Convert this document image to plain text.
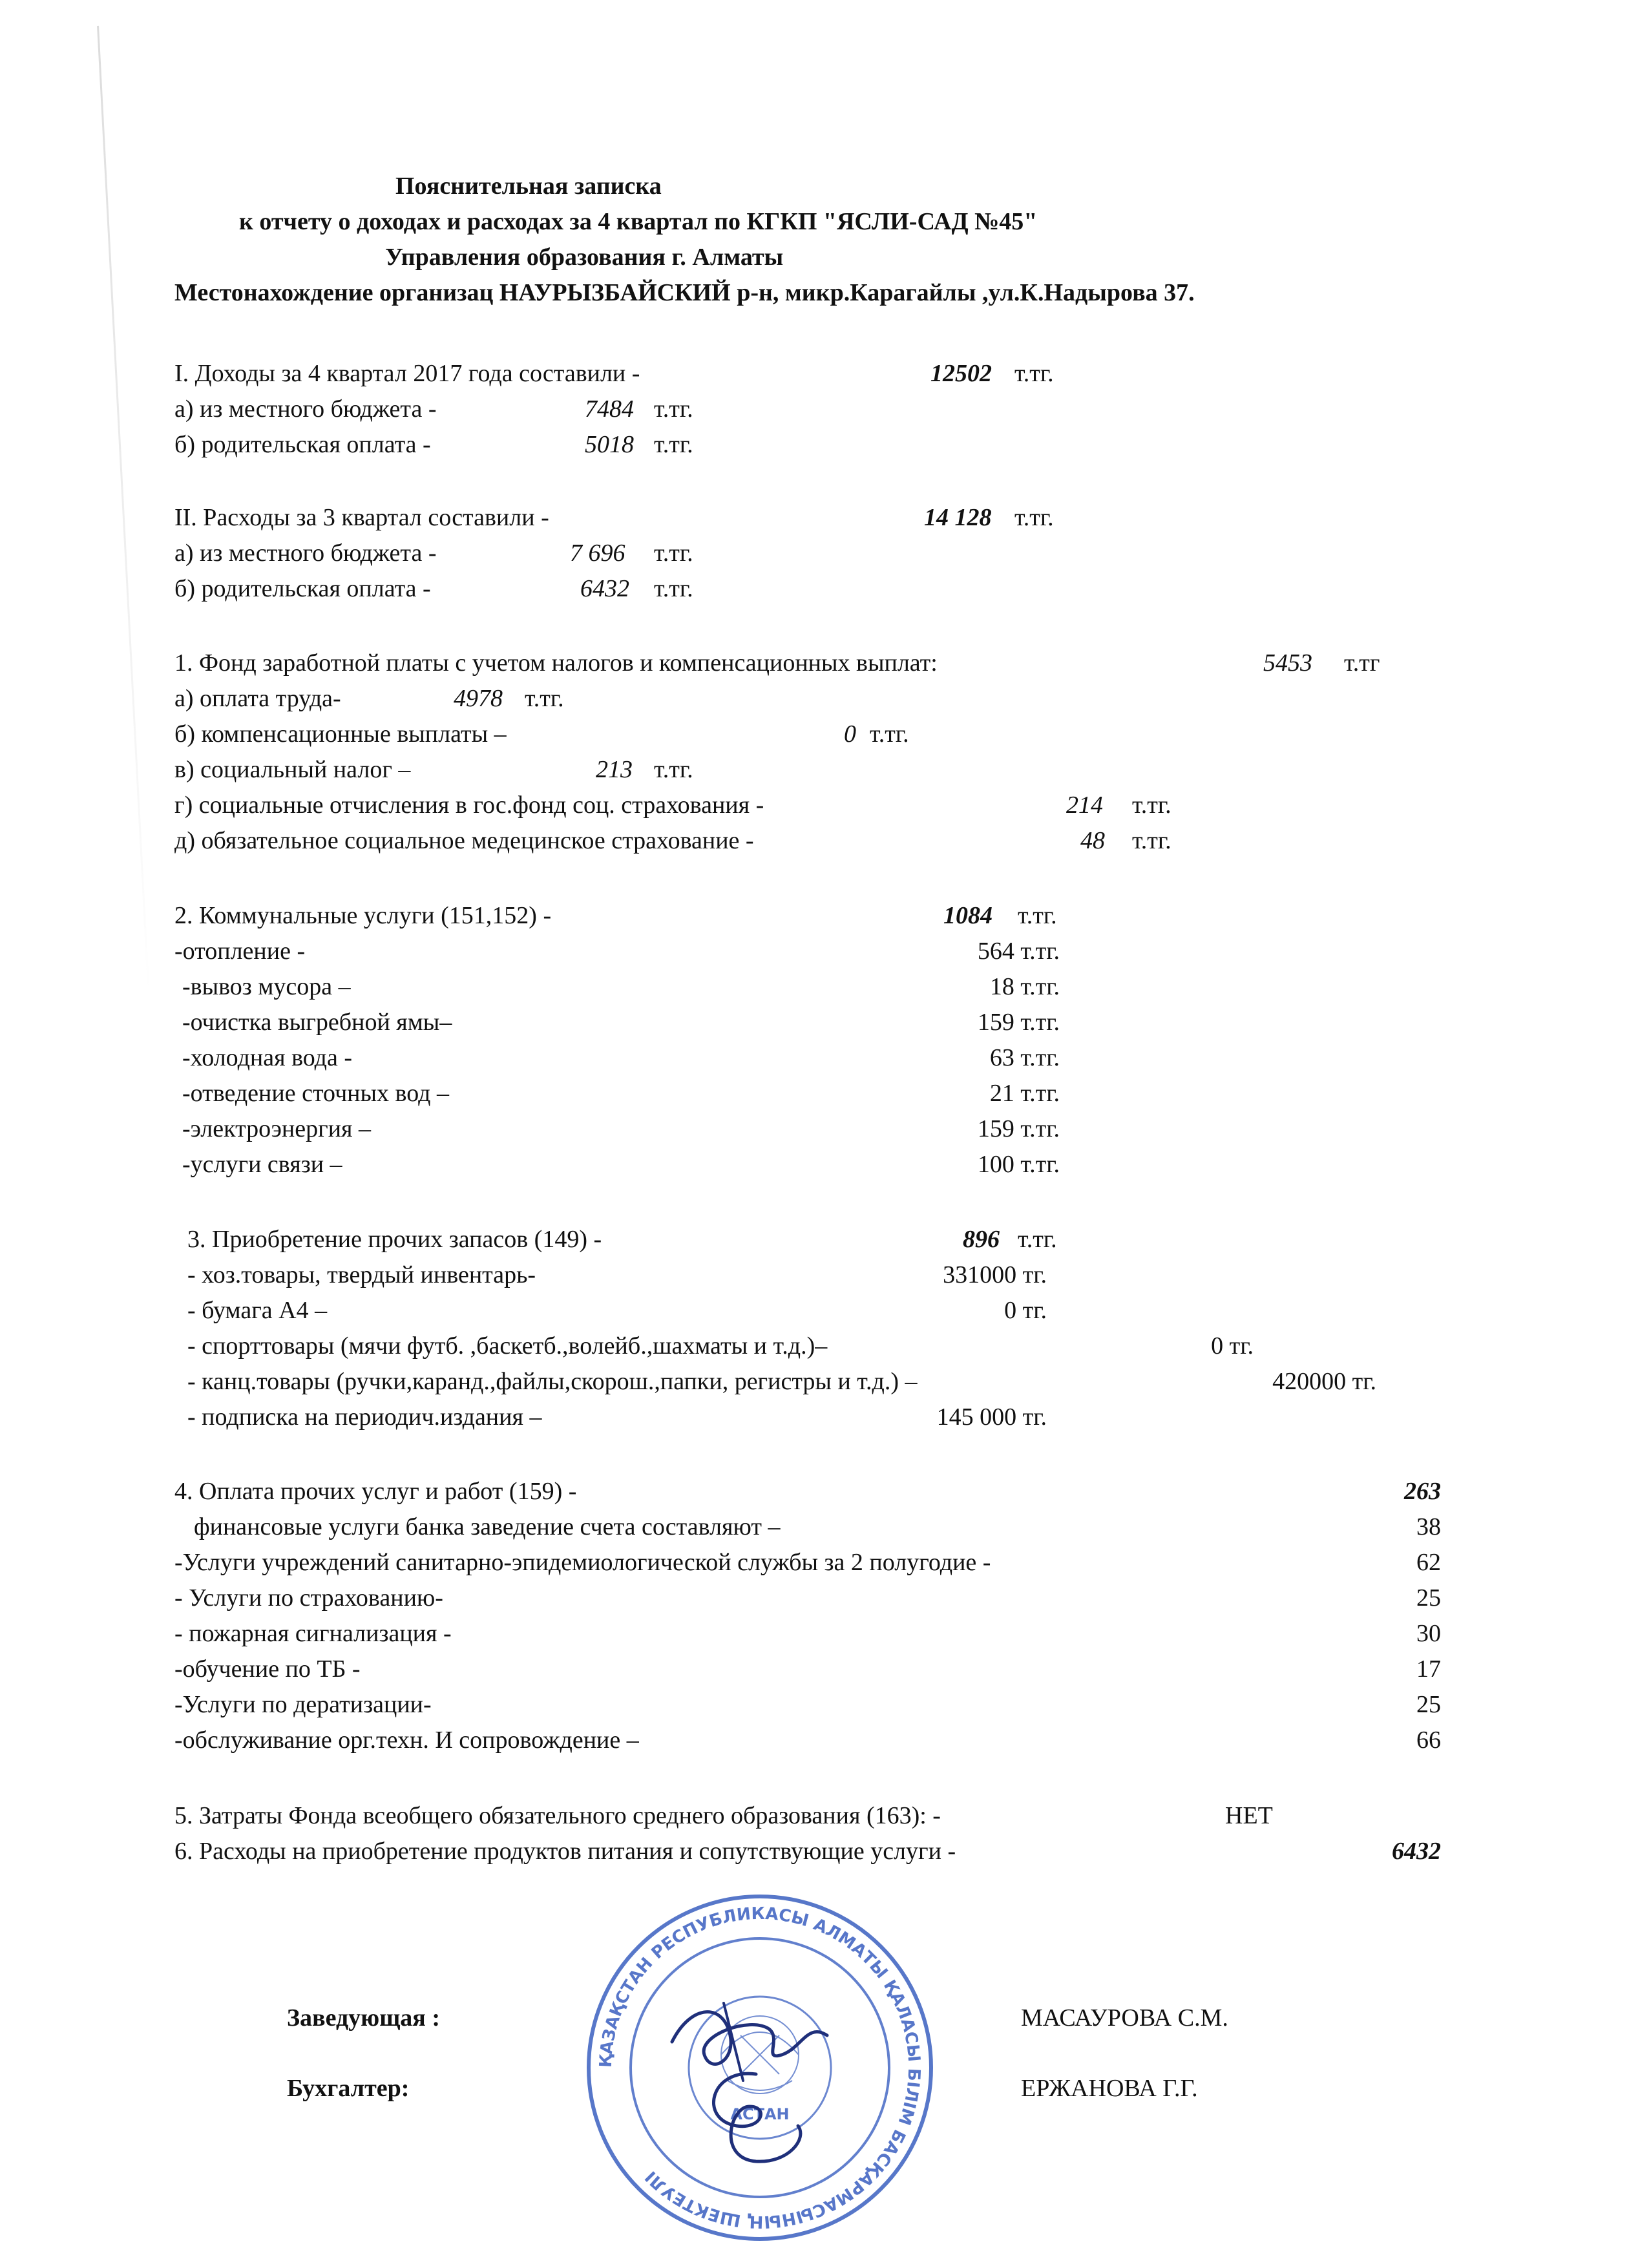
Пояснительная записка
к отчету о доходах и расходах за 4 квартал по КГКП "ЯСЛИ-САД №45"
Управления образования г. Алматы
Местонахождение организац НАУРЫЗБАЙСКИЙ р-н, микр.Карагайлы ,ул.К.Надырова 37.
I. Доходы за 4 квартал 2017 года составили -	12502 т.тг.
а) из местного бюджета -	7484 т.тг.
б) родительская оплата -	5018 т.тг.
II. Расходы за 3 квартал составили -	14 128 т.тг.
а) из местного бюджета -	7 696 т.тг.
б) родительская оплата -	6432 т.тг.
1. Фонд заработной платы с учетом налогов и компенсационных выплат:	5453 т.тг
а) оплата труда-	4978 т.тг.
б) компенсационные выплаты –	0 т.тг.
в) социальный налог –	213 т.тг.
г) социальные отчисления в гос.фонд соц. страхования -	214 т.тг.
д) обязательное социальное медецинское страхование -	48 т.тг.
2. Коммунальные услуги (151,152) -	1084 т.тг.
-отопление -	564 т.тг.
-вывоз мусора –	18 т.тг.
-очистка выгребной ямы–	159 т.тг.
-холодная вода -	63 т.тг.
-отведение сточных вод –	21 т.тг.
-электроэнергия –	159 т.тг.
-услуги связи –	100 т.тг.
3. Приобретение прочих запасов (149) -	896 т.тг.
- хоз.товары, твердый инвентарь-	331000 тг.
- бумага А4 –	0 тг.
- спорттовары (мячи футб. ,баскетб.,волейб.,шахматы и т.д.)–	0 тг.
- канц.товары (ручки,каранд.,файлы,скорош.,папки, регистры и т.д.) –	420000 тг.
- подписка на периодич.издания –	145 000 тг.
4. Оплата прочих услуг и работ (159) -	263
финансовые услуги банка заведение счета составляют –	38
-Услуги учреждений санитарно-эпидемиологической службы за 2 полугодие -	62
- Услуги по страхованию-	25
- пожарная сигнализация -	30
-обучение по ТБ -	17
-Услуги по дератизации-	25
-обслуживание орг.техн. И сопровождение –	66
5. Затраты Фонда всеобщего обязательного среднего образования (163): -	НЕТ
6. Расходы на приобретение продуктов питания и сопутствующие услуги -	6432
ҚАЗАҚСТАН РЕСПУБЛИКАСЫ АЛМАТЫ ҚАЛАСЫ БІЛІМ БАСҚАРМАСЫНЫҢ ШЕКТЕУЛІ
АСТАН
Заведующая :	МАСАУРОВА С.М.
Бухгалтер:	ЕРЖАНОВА Г.Г.
